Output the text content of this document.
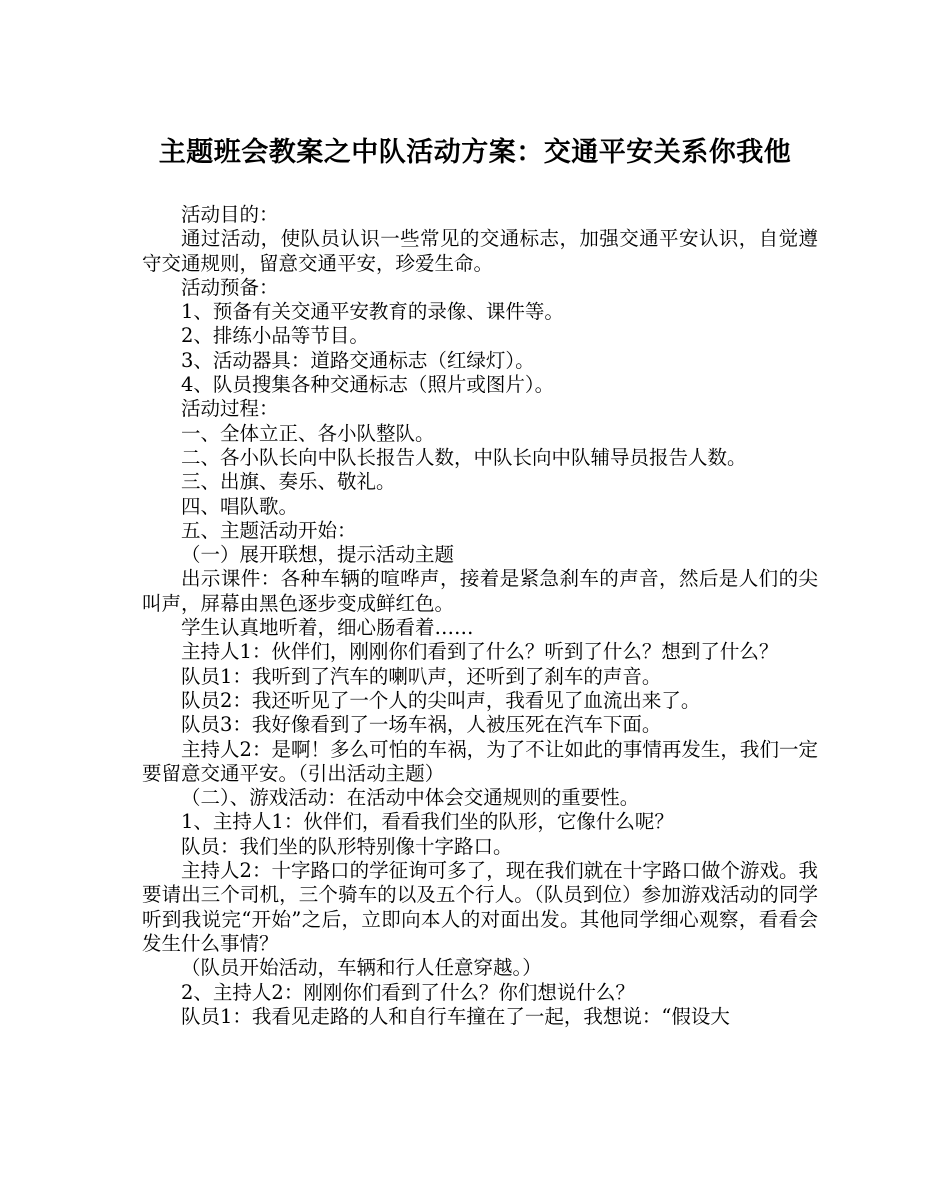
主题班会教案之中队活动方案：交通平安关系你我他

活动目的：

通过活动，使队员认识一些常见的交通标志，加强交通平安认识，自觉遵守交通规则，留意交通平安，珍爱生命。

活动预备：

1、预备有关交通平安教育的录像、课件等。

2、排练小品等节目。

3、活动器具：道路交通标志（红绿灯）。

4、队员搜集各种交通标志（照片或图片）。

活动过程：

一、全体立正、各小队整队。

二、各小队长向中队长报告人数，中队长向中队辅导员报告人数。

三、出旗、奏乐、敬礼。

四、唱队歌。

五、主题活动开始：

（一）展开联想，提示活动主题

出示课件：各种车辆的喧哗声，接着是紧急刹车的声音，然后是人们的尖叫声，屏幕由黑色逐步变成鲜红色。

学生认真地听着，细心肠看着……

主持人1：伙伴们，刚刚你们看到了什么？听到了什么？想到了什么？

队员1：我听到了汽车的喇叭声，还听到了刹车的声音。

队员2：我还听见了一个人的尖叫声，我看见了血流出来了。

队员3：我好像看到了一场车祸，人被压死在汽车下面。

主持人2：是啊！多么可怕的车祸，为了不让如此的事情再发生，我们一定要留意交通平安。（引出活动主题）

（二）、游戏活动：在活动中体会交通规则的重要性。

1、主持人1：伙伴们，看看我们坐的队形，它像什么呢？

队员：我们坐的队形特别像十字路口。

主持人2：十字路口的学征询可多了，现在我们就在十字路口做个游戏。我要请出三个司机，三个骑车的以及五个行人。（队员到位）参加游戏活动的同学听到我说完“开始”之后，立即向本人的对面出发。其他同学细心观察，看看会发生什么事情？

（队员开始活动，车辆和行人任意穿越。）

2、主持人2：刚刚你们看到了什么？你们想说什么？

队员1：我看见走路的人和自行车撞在了一起，我想说：“假设大
